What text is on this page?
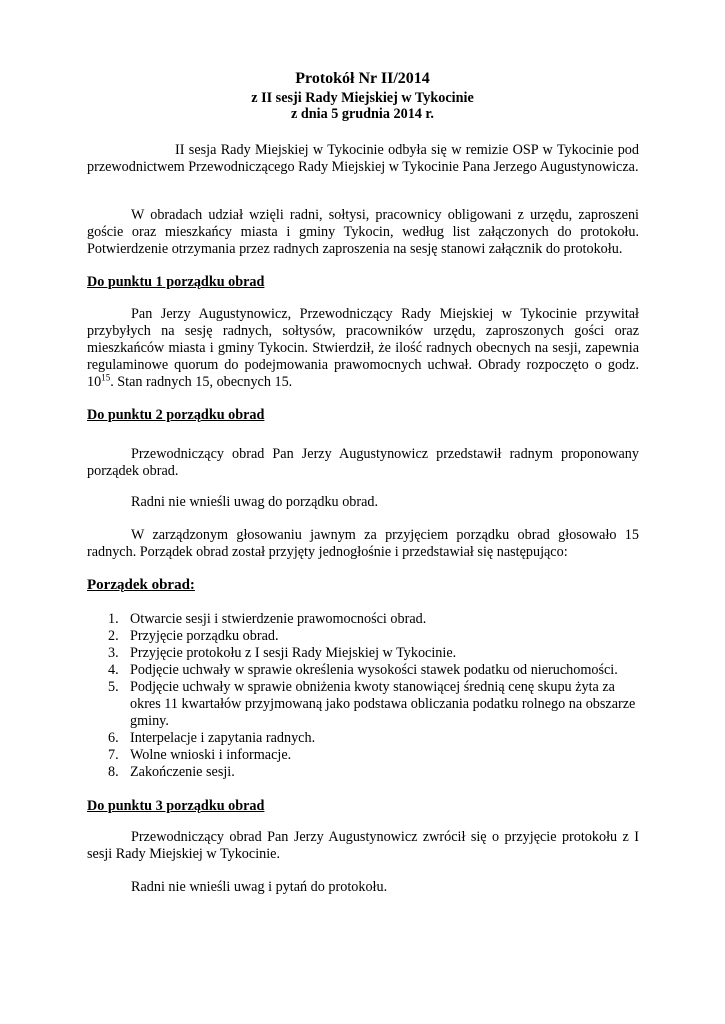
Protokół Nr II/2014
z II sesji Rady Miejskiej w Tykocinie
z dnia 5 grudnia 2014 r.

II sesja Rady Miejskiej w Tykocinie odbyła się w remizie OSP w Tykocinie pod przewodnictwem Przewodniczącego Rady Miejskiej w Tykocinie Pana Jerzego Augustynowicza.

W obradach udział wzięli radni, sołtysi, pracownicy obligowani z urzędu, zaproszeni goście oraz mieszkańcy miasta i gminy Tykocin, według list załączonych do protokołu. Potwierdzenie otrzymania przez radnych zaproszenia na sesję stanowi załącznik do protokołu.

Do punktu 1 porządku obrad

Pan Jerzy Augustynowicz, Przewodniczący Rady Miejskiej w Tykocinie przywitał przybyłych na sesję radnych, sołtysów, pracowników urzędu, zaproszonych gości oraz mieszkańców miasta i gminy Tykocin. Stwierdził, że ilość radnych obecnych na sesji, zapewnia regulaminowe quorum do podejmowania prawomocnych uchwał. Obrady rozpoczęto o godz. $10^{15}$. Stan radnych 15, obecnych 15.

Do punktu 2 porządku obrad

Przewodniczący obrad Pan Jerzy Augustynowicz przedstawił radnym proponowany porządek obrad.

Radni nie wnieśli uwag do porządku obrad.

W zarządzonym głosowaniu jawnym za przyjęciem porządku obrad głosowało 15 radnych. Porządek obrad został przyjęty jednogłośnie i przedstawiał się następująco:

Porządek obrad:

1. Otwarcie sesji i stwierdzenie prawomocności obrad.
2. Przyjęcie porządku obrad.
3. Przyjęcie protokołu z I sesji Rady Miejskiej w Tykocinie.
4. Podjęcie uchwały w sprawie określenia wysokości stawek podatku od nieruchomości.
5. Podjęcie uchwały w sprawie obniżenia kwoty stanowiącej średnią cenę skupu żyta za okres 11 kwartałów przyjmowaną jako podstawa obliczania podatku rolnego na obszarze gminy.
6. Interpelacje i zapytania radnych.
7. Wolne wnioski i informacje.
8. Zakończenie sesji.

Do punktu 3 porządku obrad

Przewodniczący obrad Pan Jerzy Augustynowicz zwrócił się o przyjęcie protokołu z I sesji Rady Miejskiej w Tykocinie.

Radni nie wnieśli uwag i pytań do protokołu.
